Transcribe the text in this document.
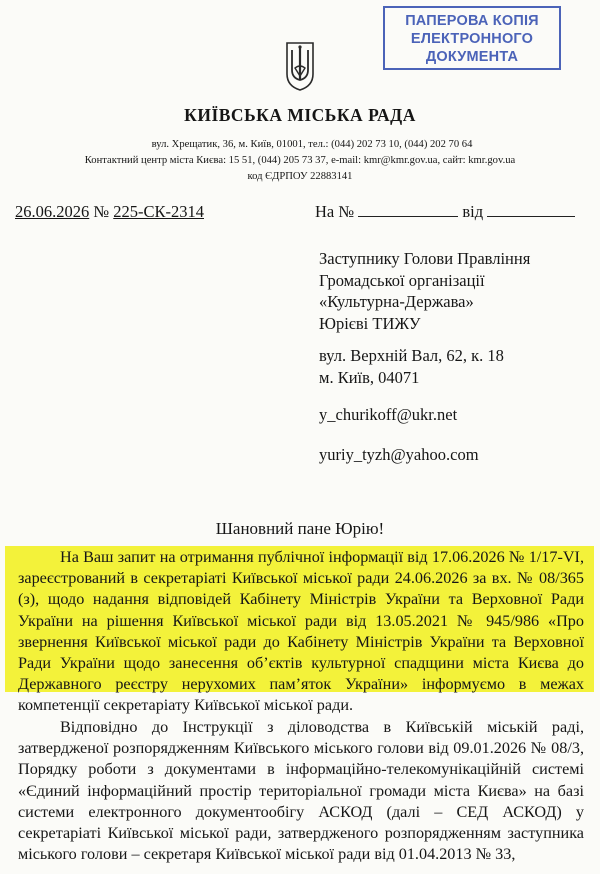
ПАПЕРОВА КОПІЯ
ЕЛЕКТРОННОГО
ДОКУМЕНТА
КИЇВСЬКА МІСЬКА РАДА
вул. Хрещатик, 36, м. Київ, 01001, тел.: (044) 202 73 10, (044) 202 70 64
Контактний центр міста Києва: 15 51, (044) 205 73 37, e-mail: kmr@kmr.gov.ua, сайт: kmr.gov.ua
код ЄДРПОУ 22883141
26.06.2026 № 225-СК-2314	На №	від
Заступнику Голови Правління
Громадської організації
«Культурна-Держава»
Юрієві ТИЖУ
вул. Верхній Вал, 62, к. 18
м. Київ, 04071
y_churikoff@ukr.net
yuriy_tyzh@yahoo.com
Шановний пане Юрію!
На Ваш запит на отримання публічної інформації від 17.06.2026 № 1/17-VI, зареєстрований в секретаріаті Київської міської ради 24.06.2026 за вх. № 08/365 (з), щодо надання відповідей Кабінету Міністрів України та Верховної Ради України на рішення Київської міської ради від 13.05.2021 № 945/986 «Про звернення Київської міської ради до Кабінету Міністрів України та Верховної Ради України щодо занесення об’єктів культурної спадщини міста Києва до Державного реєстру нерухомих пам’яток України» інформуємо в межах компетенції секретаріату Київської міської ради.
Відповідно до Інструкції з діловодства в Київській міській раді, затвердженої розпорядженням Київського міського голови від 09.01.2026 № 08/3, Порядку роботи з документами в інформаційно-телекомунікаційній системі «Єдиний інформаційний простір територіальної громади міста Києва» на базі системи електронного документообігу АСКОД (далі – СЕД АСКОД) у секретаріаті Київської міської ради, затвердженого розпорядженням заступника міського голови – секретаря Київської міської ради від 01.04.2013 № 33,
